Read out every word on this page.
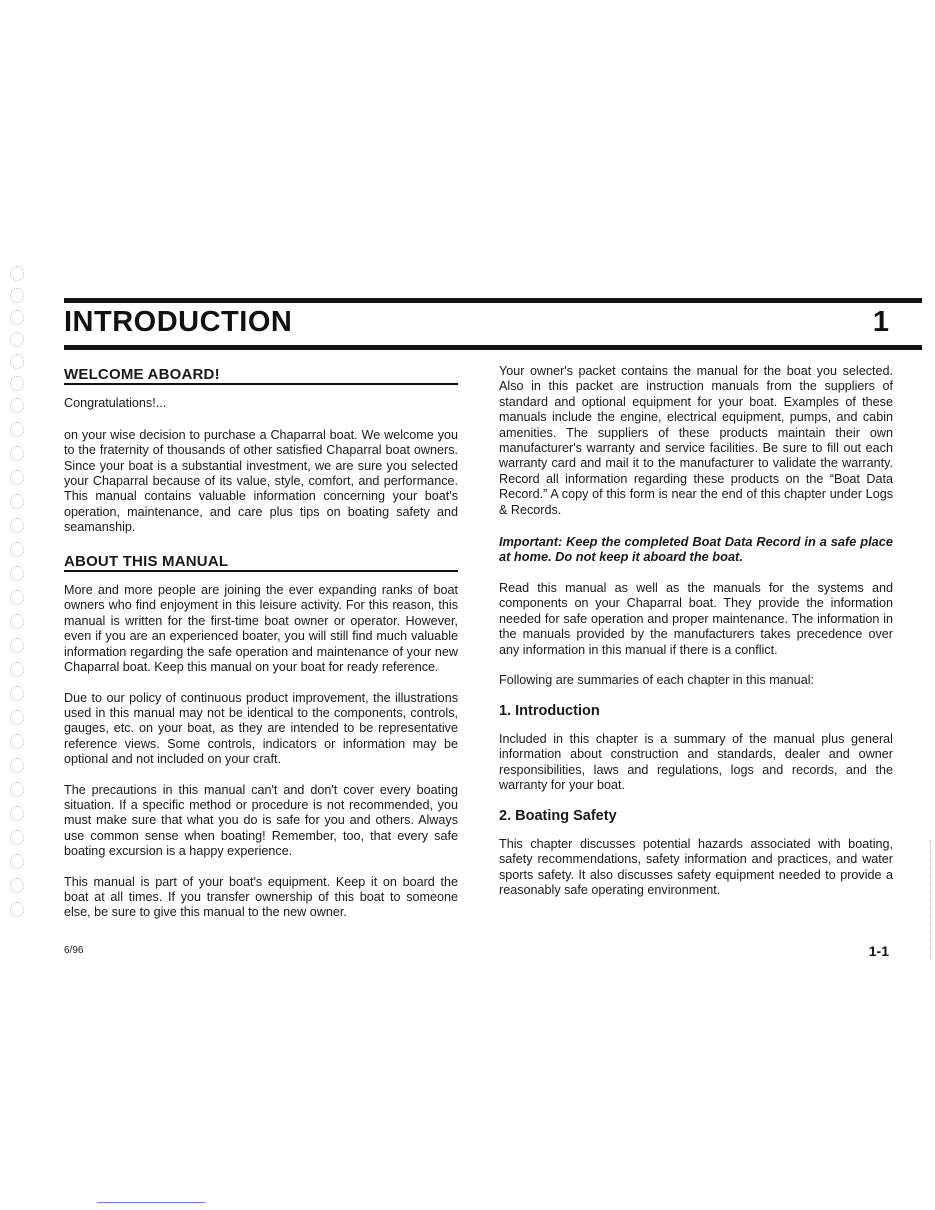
INTRODUCTION	1
WELCOME ABOARD!

Congratulations!...

on your wise decision to purchase a Chaparral boat. We welcome you to the fraternity of thousands of other satisfied Chaparral boat owners. Since your boat is a substantial investment, we are sure you selected your Chaparral because of its value, style, comfort, and performance. This manual contains valuable information concerning your boat's operation, maintenance, and care plus tips on boating safety and seamanship.

ABOUT THIS MANUAL

More and more people are joining the ever expanding ranks of boat owners who find enjoyment in this leisure activity. For this reason, this manual is written for the first-time boat owner or operator. However, even if you are an experienced boater, you will still find much valuable information regarding the safe operation and maintenance of your new Chaparral boat. Keep this manual on your boat for ready reference.

Due to our policy of continuous product improvement, the illustrations used in this manual may not be identical to the components, controls, gauges, etc. on your boat, as they are intended to be representative reference views. Some controls, indicators or information may be optional and not included on your craft.

The precautions in this manual can't and don't cover every boating situation. If a specific method or procedure is not recommended, you must make sure that what you do is safe for you and others. Always use common sense when boating! Remember, too, that every safe boating excursion is a happy experience.

This manual is part of your boat's equipment. Keep it on board the boat at all times. If you transfer ownership of this boat to someone else, be sure to give this manual to the new owner.

Your owner's packet contains the manual for the boat you selected. Also in this packet are instruction manuals from the suppliers of standard and optional equipment for your boat. Examples of these manuals include the engine, electrical equipment, pumps, and cabin amenities. The suppliers of these products maintain their own manufacturer's warranty and service facilities. Be sure to fill out each warranty card and mail it to the manufacturer to validate the warranty. Record all information regarding these products on the “Boat Data Record.” A copy of this form is near the end of this chapter under Logs & Records.

Important: Keep the completed Boat Data Record in a safe place at home. Do not keep it aboard the boat.

Read this manual as well as the manuals for the systems and components on your Chaparral boat. They provide the information needed for safe operation and proper maintenance. The information in the manuals provided by the manufacturers takes precedence over any information in this manual if there is a conflict.

Following are summaries of each chapter in this manual:

1. Introduction

Included in this chapter is a summary of the manual plus general information about construction and standards, dealer and owner responsibilities, laws and regulations, logs and records, and the warranty for your boat.

2. Boating Safety

This chapter discusses potential hazards associated with boating, safety recommendations, safety information and practices, and water sports safety. It also discusses safety equipment needed to provide a reasonably safe operating environment.

6/96	1-1
